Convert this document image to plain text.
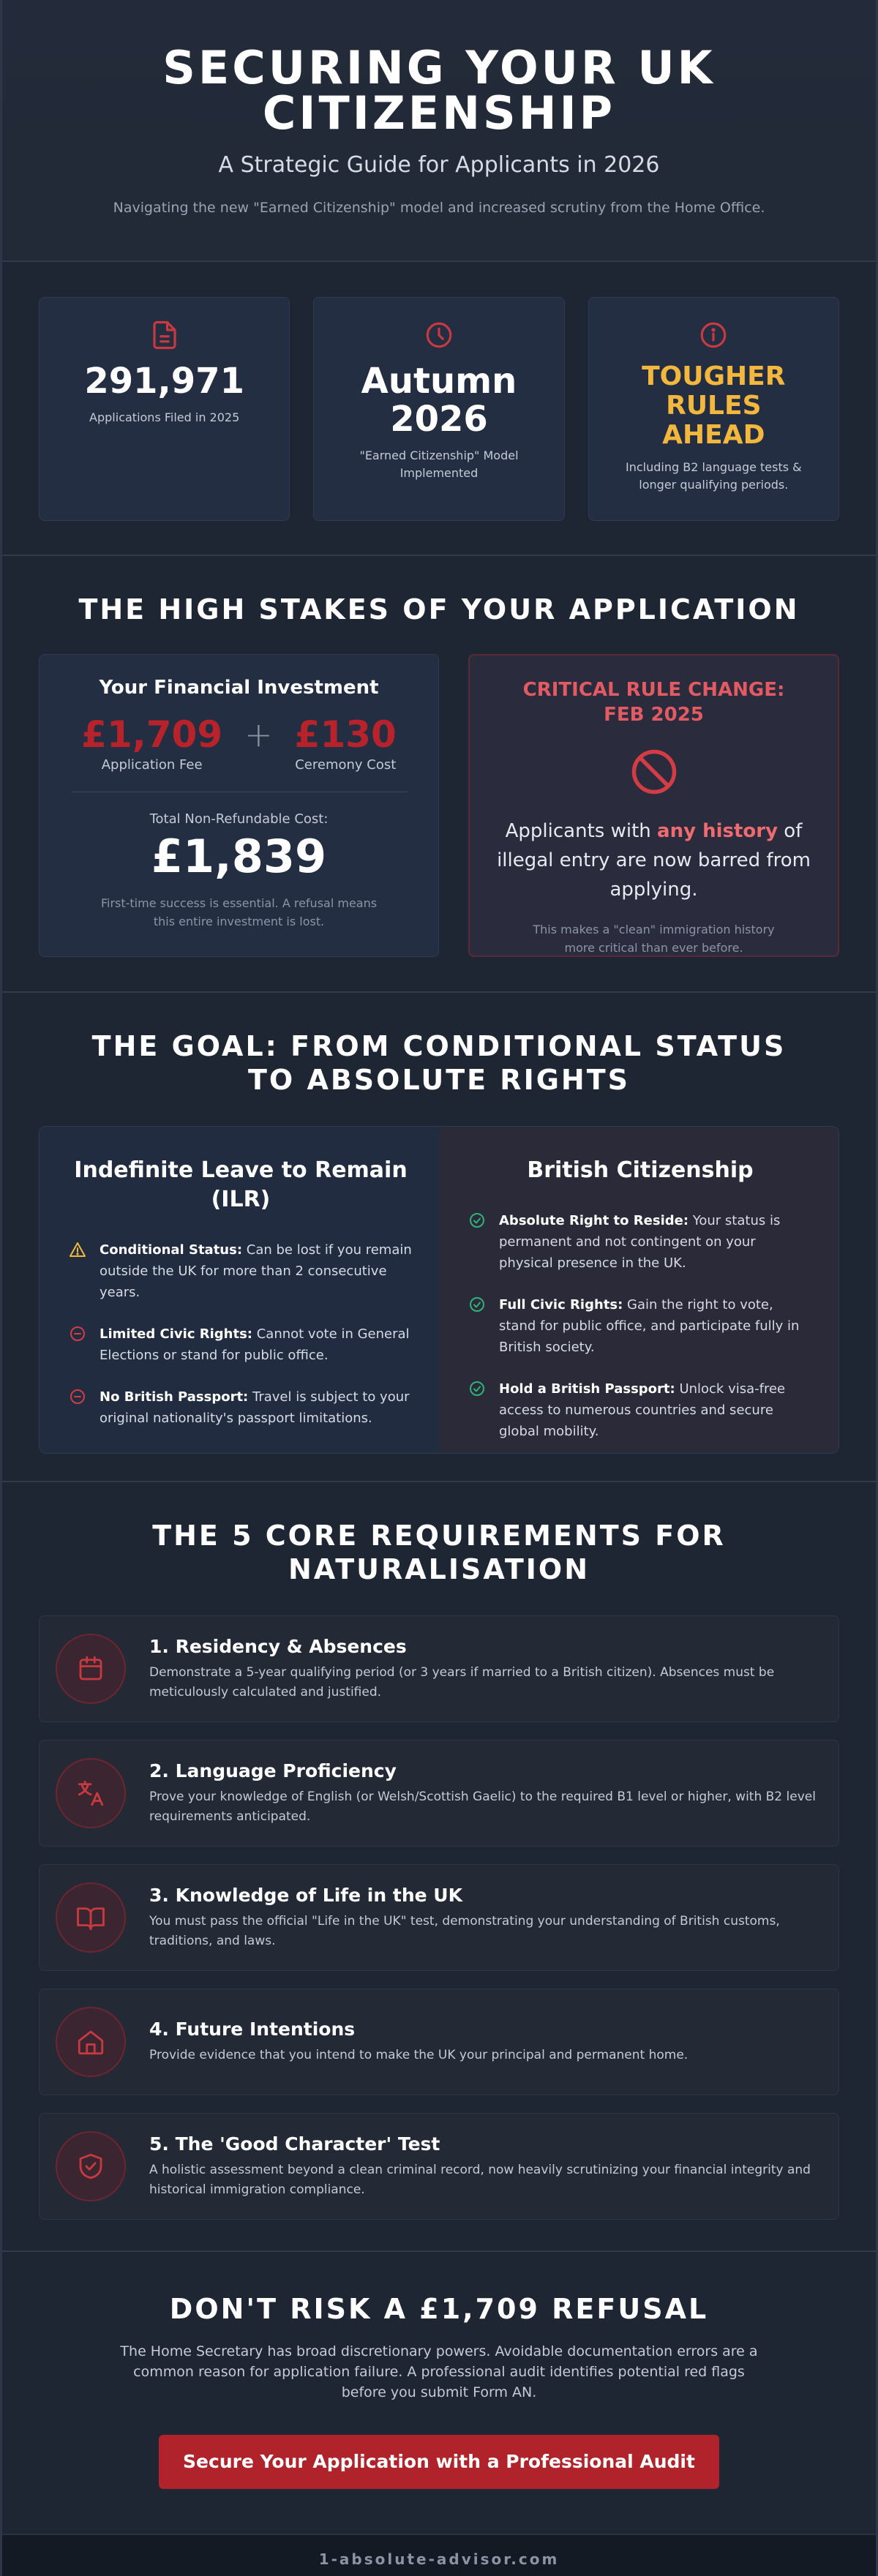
SECURING YOUR UK CITIZENSHIP
A Strategic Guide for Applicants in 2026
Navigating the new "Earned Citizenship" model and increased scrutiny from the Home Office.
291,971
Applications Filed in 2025
Autumn 2026
"Earned Citizenship" Model Implemented
TOUGHER RULES AHEAD
Including B2 language tests & longer qualifying periods.
THE HIGH STAKES OF YOUR APPLICATION
Your Financial Investment
£1,709
Application Fee
+ £130
Ceremony Cost
Total Non-Refundable Cost:
£1,839
First-time success is essential. A refusal means this entire investment is lost.
CRITICAL RULE CHANGE: FEB 2025
Applicants with any history of illegal entry are now barred from applying.
This makes a "clean" immigration history more critical than ever before.
THE GOAL: FROM CONDITIONAL STATUS TO ABSOLUTE RIGHTS
Indefinite Leave to Remain (ILR)
Conditional Status: Can be lost if you remain outside the UK for more than 2 consecutive years.
Limited Civic Rights: Cannot vote in General Elections or stand for public office.
No British Passport: Travel is subject to your original nationality's passport limitations.
British Citizenship
Absolute Right to Reside: Your status is permanent and not contingent on your physical presence in the UK.
Full Civic Rights: Gain the right to vote, stand for public office, and participate fully in British society.
Hold a British Passport: Unlock visa-free access to numerous countries and secure global mobility.
THE 5 CORE REQUIREMENTS FOR NATURALISATION
1. Residency & Absences
Demonstrate a 5-year qualifying period (or 3 years if married to a British citizen). Absences must be meticulously calculated and justified.
2. Language Proficiency
Prove your knowledge of English (or Welsh/Scottish Gaelic) to the required B1 level or higher, with B2 level requirements anticipated.
3. Knowledge of Life in the UK
You must pass the official "Life in the UK" test, demonstrating your understanding of British customs, traditions, and laws.
4. Future Intentions
Provide evidence that you intend to make the UK your principal and permanent home.
5. The 'Good Character' Test
A holistic assessment beyond a clean criminal record, now heavily scrutinizing your financial integrity and historical immigration compliance.
DON'T RISK A £1,709 REFUSAL

The Home Secretary has broad discretionary powers. Avoidable documentation errors are a common reason for application failure. A professional audit identifies potential red flags before you submit Form AN.

Secure Your Application with a Professional Audit
1-absolute-advisor.com
